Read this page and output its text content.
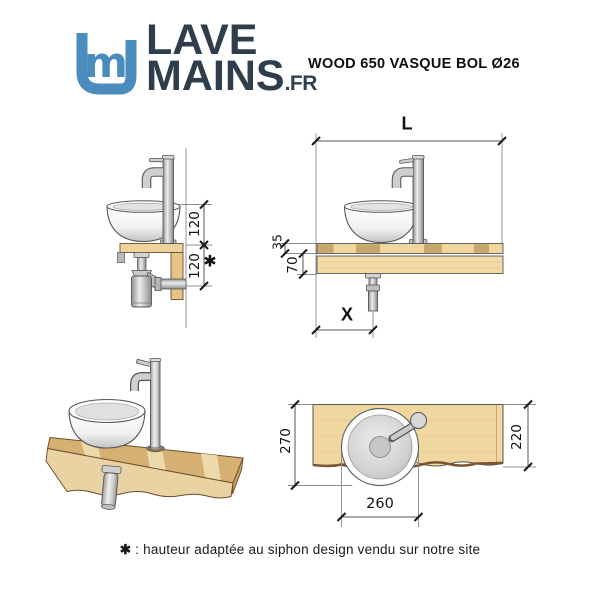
m LAVE
MAINS.FR
WOOD 650 VASQUE BOL Ø26
120
120 ✱
L
35
70
X
270	220
260
✱ : hauteur adaptée au siphon design vendu sur notre site
